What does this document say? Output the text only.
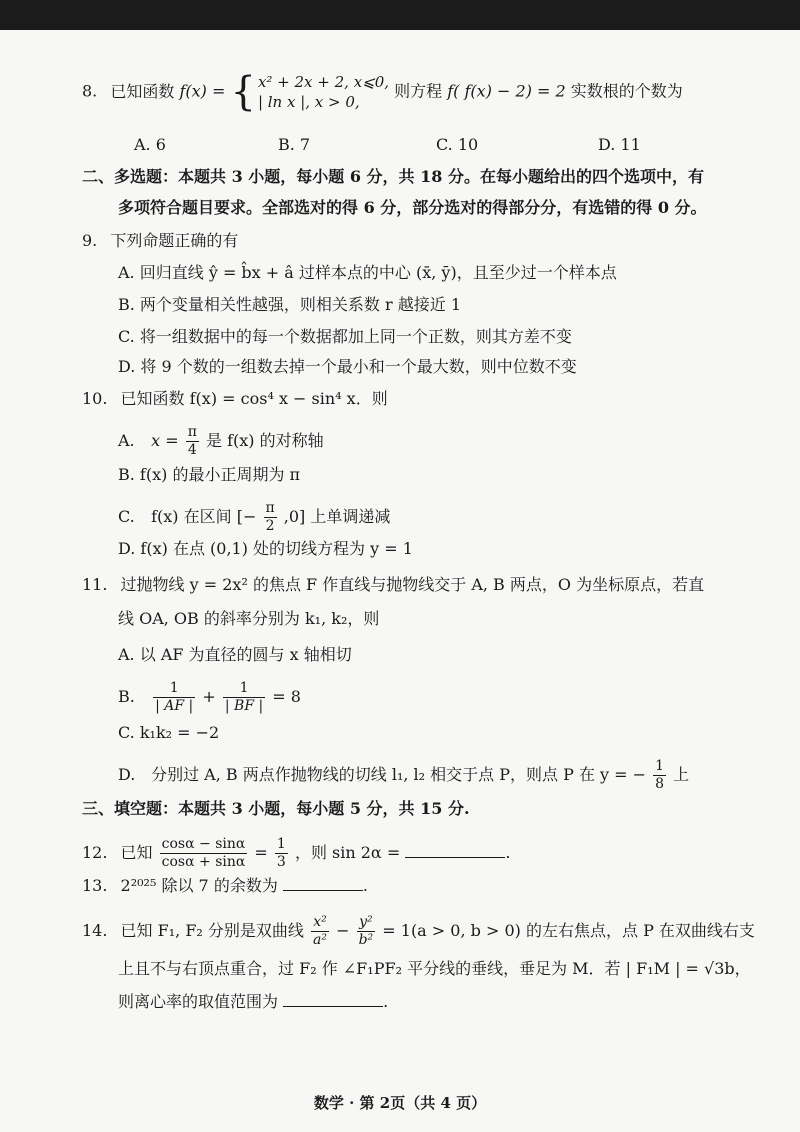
8. 已知函数 f(x) = { x² + 2x + 2, x⩽0,
| ln x |, x > 0,
则方程 f( f(x) − 2) = 2 实数根的个数为
A. 6	B. 7	C. 10	D. 11
二、多选题：本题共 3 小题，每小题 6 分，共 18 分。在每小题给出的四个选项中，有
多项符合题目要求。全部选对的得 6 分，部分选对的得部分分，有选错的得 0 分。
9. 下列命题正确的有
A. 回归直线 ŷ = b̂x + â 过样本点的中心 (x̄, ȳ)，且至少过一个样本点
B. 两个变量相关性越强，则相关系数 r 越接近 1
C. 将一组数据中的每一个数据都加上同一个正数，则其方差不变
D. 将 9 个数的一组数去掉一个最小和一个最大数，则中位数不变
10. 已知函数 f(x) = cos⁴ x − sin⁴ x．则
A. $x = \frac{\pi}{4}$ 是 f(x) 的对称轴
B. f(x) 的最小正周期为 π
C. f(x) 在区间 [− $\frac{\pi}{2} ,0$] 上单调递减
D. f(x) 在点 (0,1) 处的切线方程为 y = 1
11. 过抛物线 y = 2x² 的焦点 F 作直线与抛物线交于 A, B 两点，O 为坐标原点，若直
线 OA, OB 的斜率分别为 k₁, k₂，则
A. 以 AF 为直径的圆与 x 轴相切
B. $\frac{1}{| AF |} + \frac{1}{| BF |} = 8$
C. k₁k₂ = −2
D. 分别过 A, B 两点作抛物线的切线 l₁, l₂ 相交于点 P，则点 P 在 y = − $\frac{1}{8}$ 上
三、填空题：本题共 3 小题，每小题 5 分，共 15 分.
12. 已知 $\frac{\cos\alpha - \sin\alpha}{\cos\alpha + \sin\alpha} = \frac{1}{3}$ ，则 sin 2α =	.
13. 2²⁰²⁵ 除以 7 的余数为	.
14. 已知 F₁, F₂ 分别是双曲线 $\frac{\text{x²}}{\text{a²}} - \frac{\text{y²}}{\text{b²}} = 1(a > 0$, b > 0) 的左右焦点，点 P 在双曲线右支
上且不与右顶点重合，过 F₂ 作 ∠F₁PF₂ 平分线的垂线，垂足为 M．若 | F₁M | = √3b，
则离心率的取值范围为	.
数学 · 第 2页（共 4 页）
